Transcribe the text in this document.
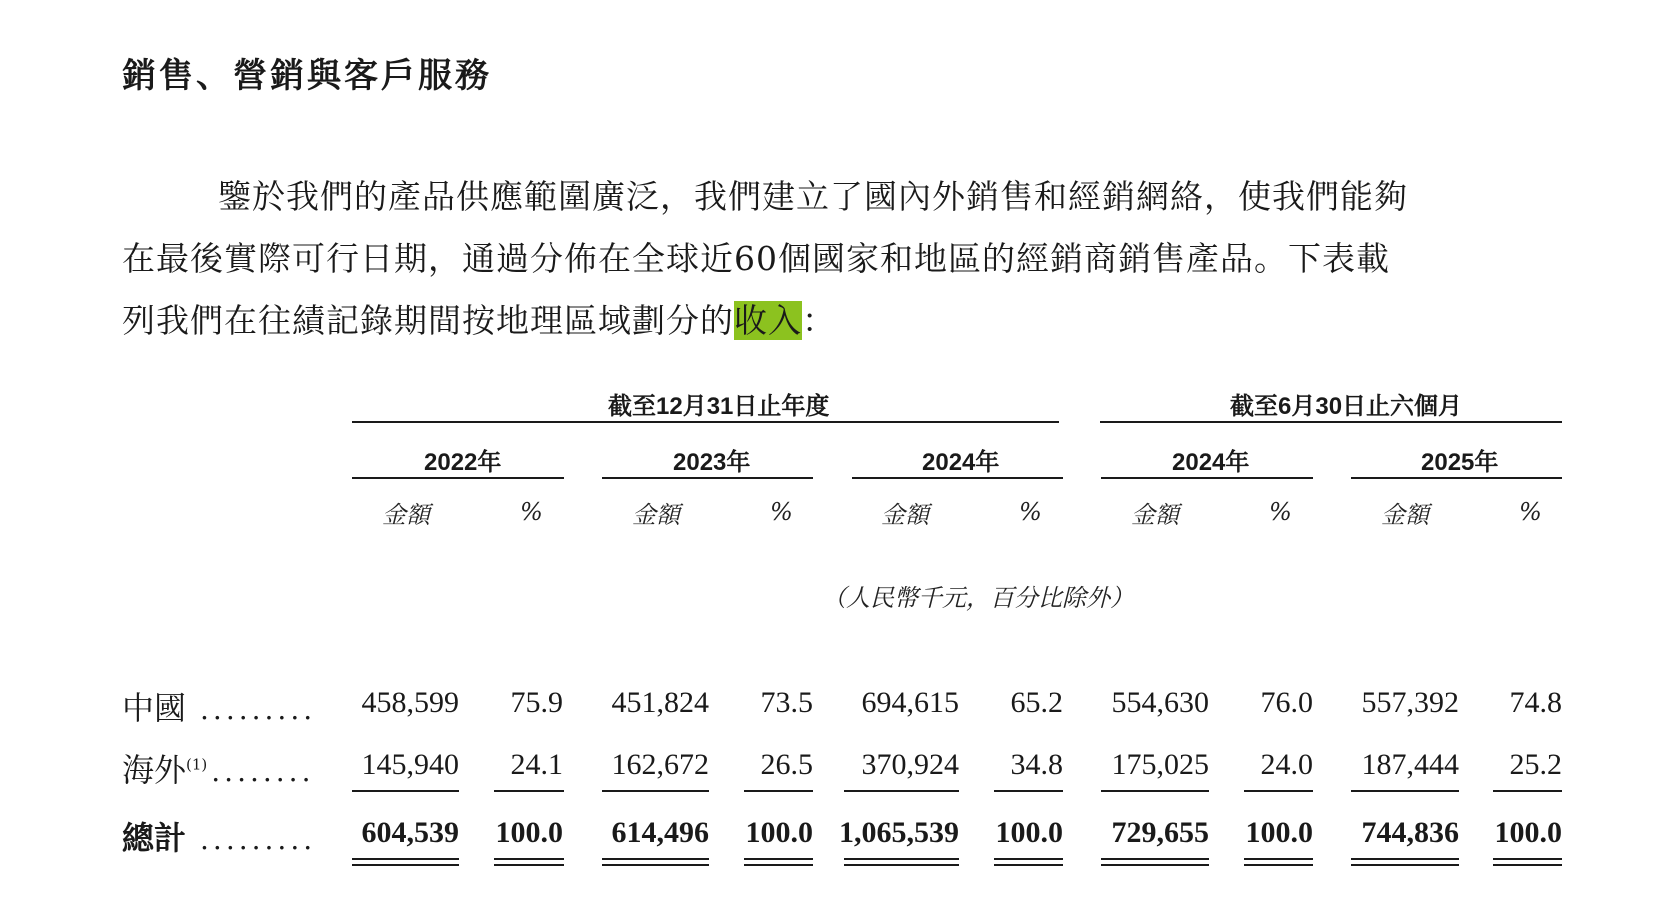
銷售、營銷與客戶服務
鑒於我們的產品供應範圍廣泛，我們建立了國內外銷售和經銷網絡，使我們能夠
在最後實際可行日期，通過分佈在全球近60個國家和地區的經銷商銷售產品。下表載
列我們在往績記錄期間按地理區域劃分的收入：
截至12月31日止年度	截至6月30日止六個月
2022年	2023年	2024年	2024年	2025年
金額	%	金額	%	金額	%	金額	%	金額	%
（人民幣千元，百分比除外）
中國 ......... 458,599 75.9 451,824 73.5 694,615 65.2 554,630 76.0 557,392 74.8
海外$^{(1)}$ ........ 145,940 24.1 162,672 26.5 370,924 34.8 175,025 24.0 187,444 25.2
總計 ......... 604,539 100.0 614,496 100.0 1,065,539 100.0 729,655 100.0 744,836 100.0
